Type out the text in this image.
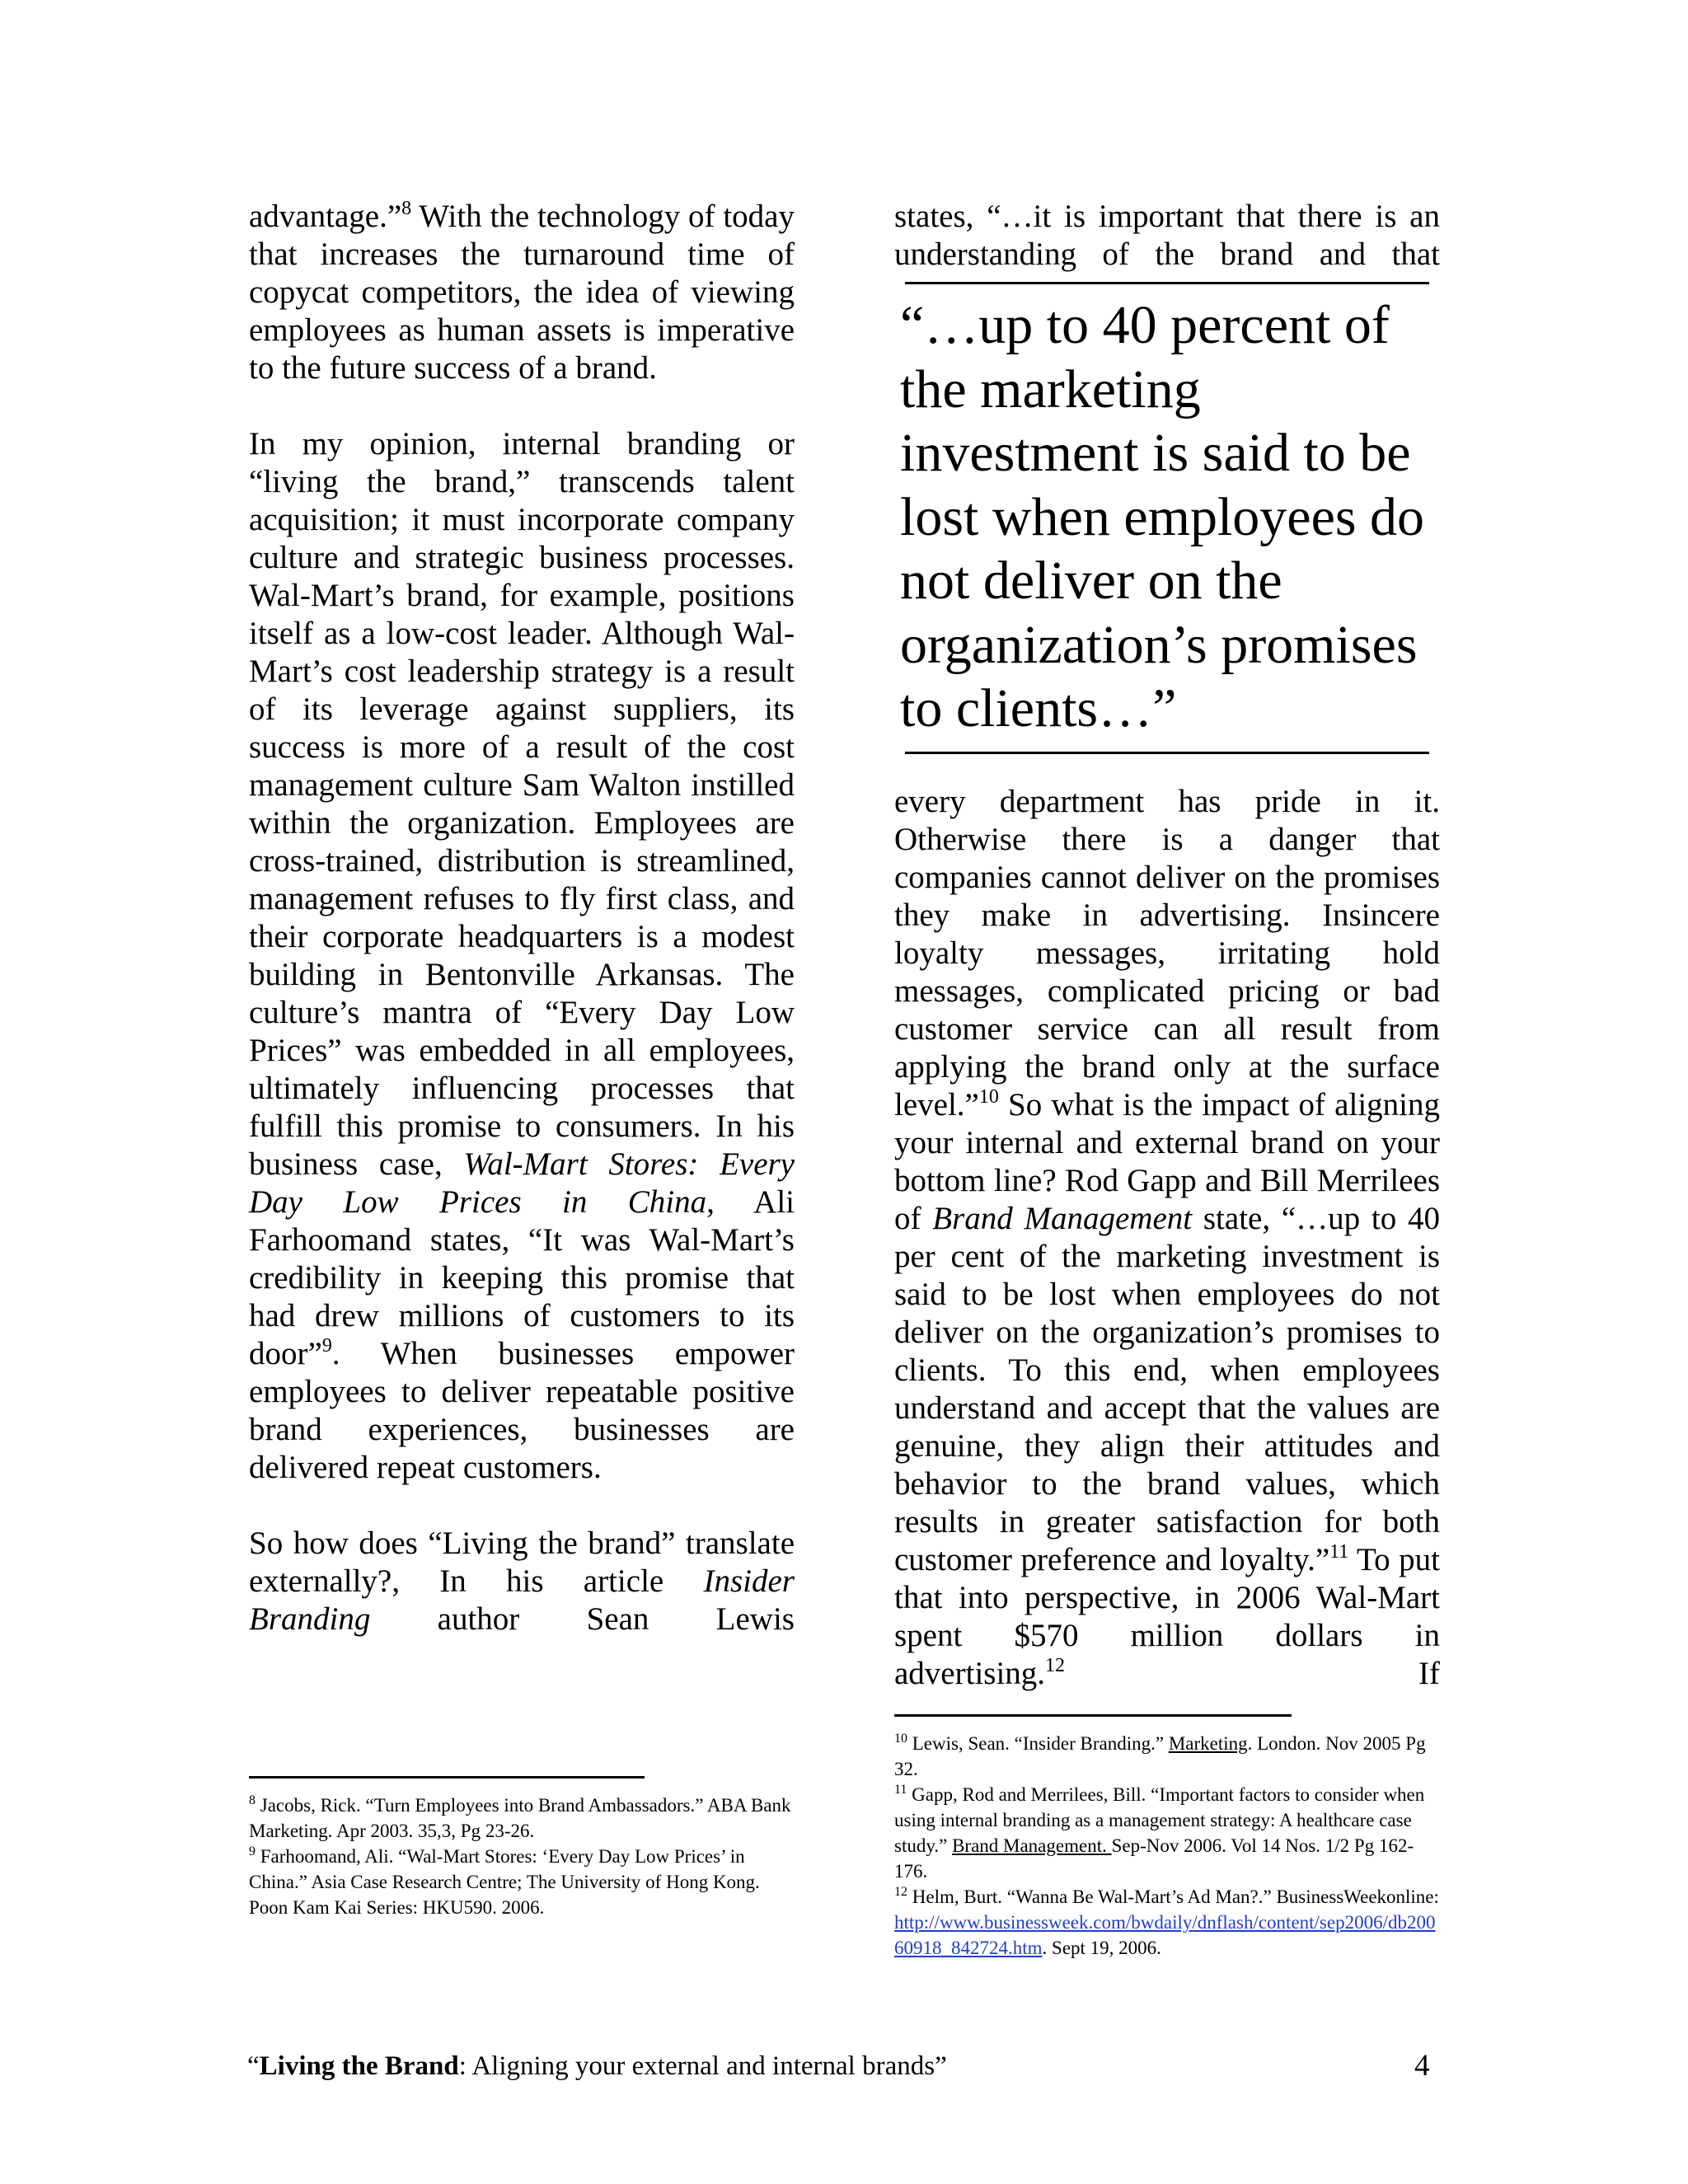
advantage.”$^8$ With the technology of today that increases the turnaround time of copycat competitors, the idea of viewing employees as human assets is imperative to the future success of a brand.
In my opinion, internal branding or “living the brand,” transcends talent acquisition; it must incorporate company culture and strategic business processes. Wal-Mart’s brand, for example, positions itself as a low-cost leader. Although Wal-Mart’s cost leadership strategy is a result of its leverage against suppliers, its success is more of a result of the cost management culture Sam Walton instilled within the organization. Employees are cross-trained, distribution is streamlined, management refuses to fly first class, and their corporate headquarters is a modest building in Bentonville Arkansas. The culture’s mantra of “Every Day Low Prices” was embedded in all employees, ultimately influencing processes that fulfill this promise to consumers. In his business case, Wal-Mart Stores: Every Day Low Prices in China, Ali Farhoomand states, “It was Wal-Mart’s credibility in keeping this promise that had drew millions of customers to its door”$^9$. When businesses empower employees to deliver repeatable positive brand experiences, businesses are delivered repeat customers.
So how does “Living the brand” translate externally?, In his article Insider Branding author Sean Lewis
$^8$ Jacobs, Rick. “Turn Employees into Brand Ambassadors.” ABA Bank Marketing. Apr 2003. 35,3, Pg 23-26.
$^9$ Farhoomand, Ali. “Wal-Mart Stores: ‘Every Day Low Prices’ in China.” Asia Case Research Centre; The University of Hong Kong. Poon Kam Kai Series: HKU590. 2006.
states, “…it is important that there is an understanding of the brand and that
“…up to 40 percent of the marketing investment is said to be lost when employees do not deliver on the organization’s promises to clients…”
every department has pride in it. Otherwise there is a danger that companies cannot deliver on the promises they make in advertising. Insincere loyalty messages, irritating hold messages, complicated pricing or bad customer service can all result from applying the brand only at the surface level.”$^{10}$ So what is the impact of aligning your internal and external brand on your bottom line? Rod Gapp and Bill Merrilees of Brand Management state, “…up to 40 per cent of the marketing investment is said to be lost when employees do not deliver on the organization’s promises to clients. To this end, when employees understand and accept that the values are genuine, they align their attitudes and behavior to the brand values, which results in greater satisfaction for both customer preference and loyalty.”$^{11}$ To put that into perspective, in 2006 Wal-Mart spent $570 million dollars in advertising.$^{12}$ If
$^{10}$ Lewis, Sean. “Insider Branding.” Marketing. London. Nov 2005 Pg 32.
$^{11}$ Gapp, Rod and Merrilees, Bill. “Important factors to consider when using internal branding as a management strategy: A healthcare case study.” Brand Management. Sep-Nov 2006. Vol 14 Nos. 1/2 Pg 162-176.
$^{12}$ Helm, Burt. “Wanna Be Wal-Mart’s Ad Man?.” BusinessWeekonline:http://www.businessweek.com/bwdaily/dnflash/content/sep2006/db20060918_842724.htm. Sept 19, 2006.
“Living the Brand: Aligning your external and internal brands”	4
